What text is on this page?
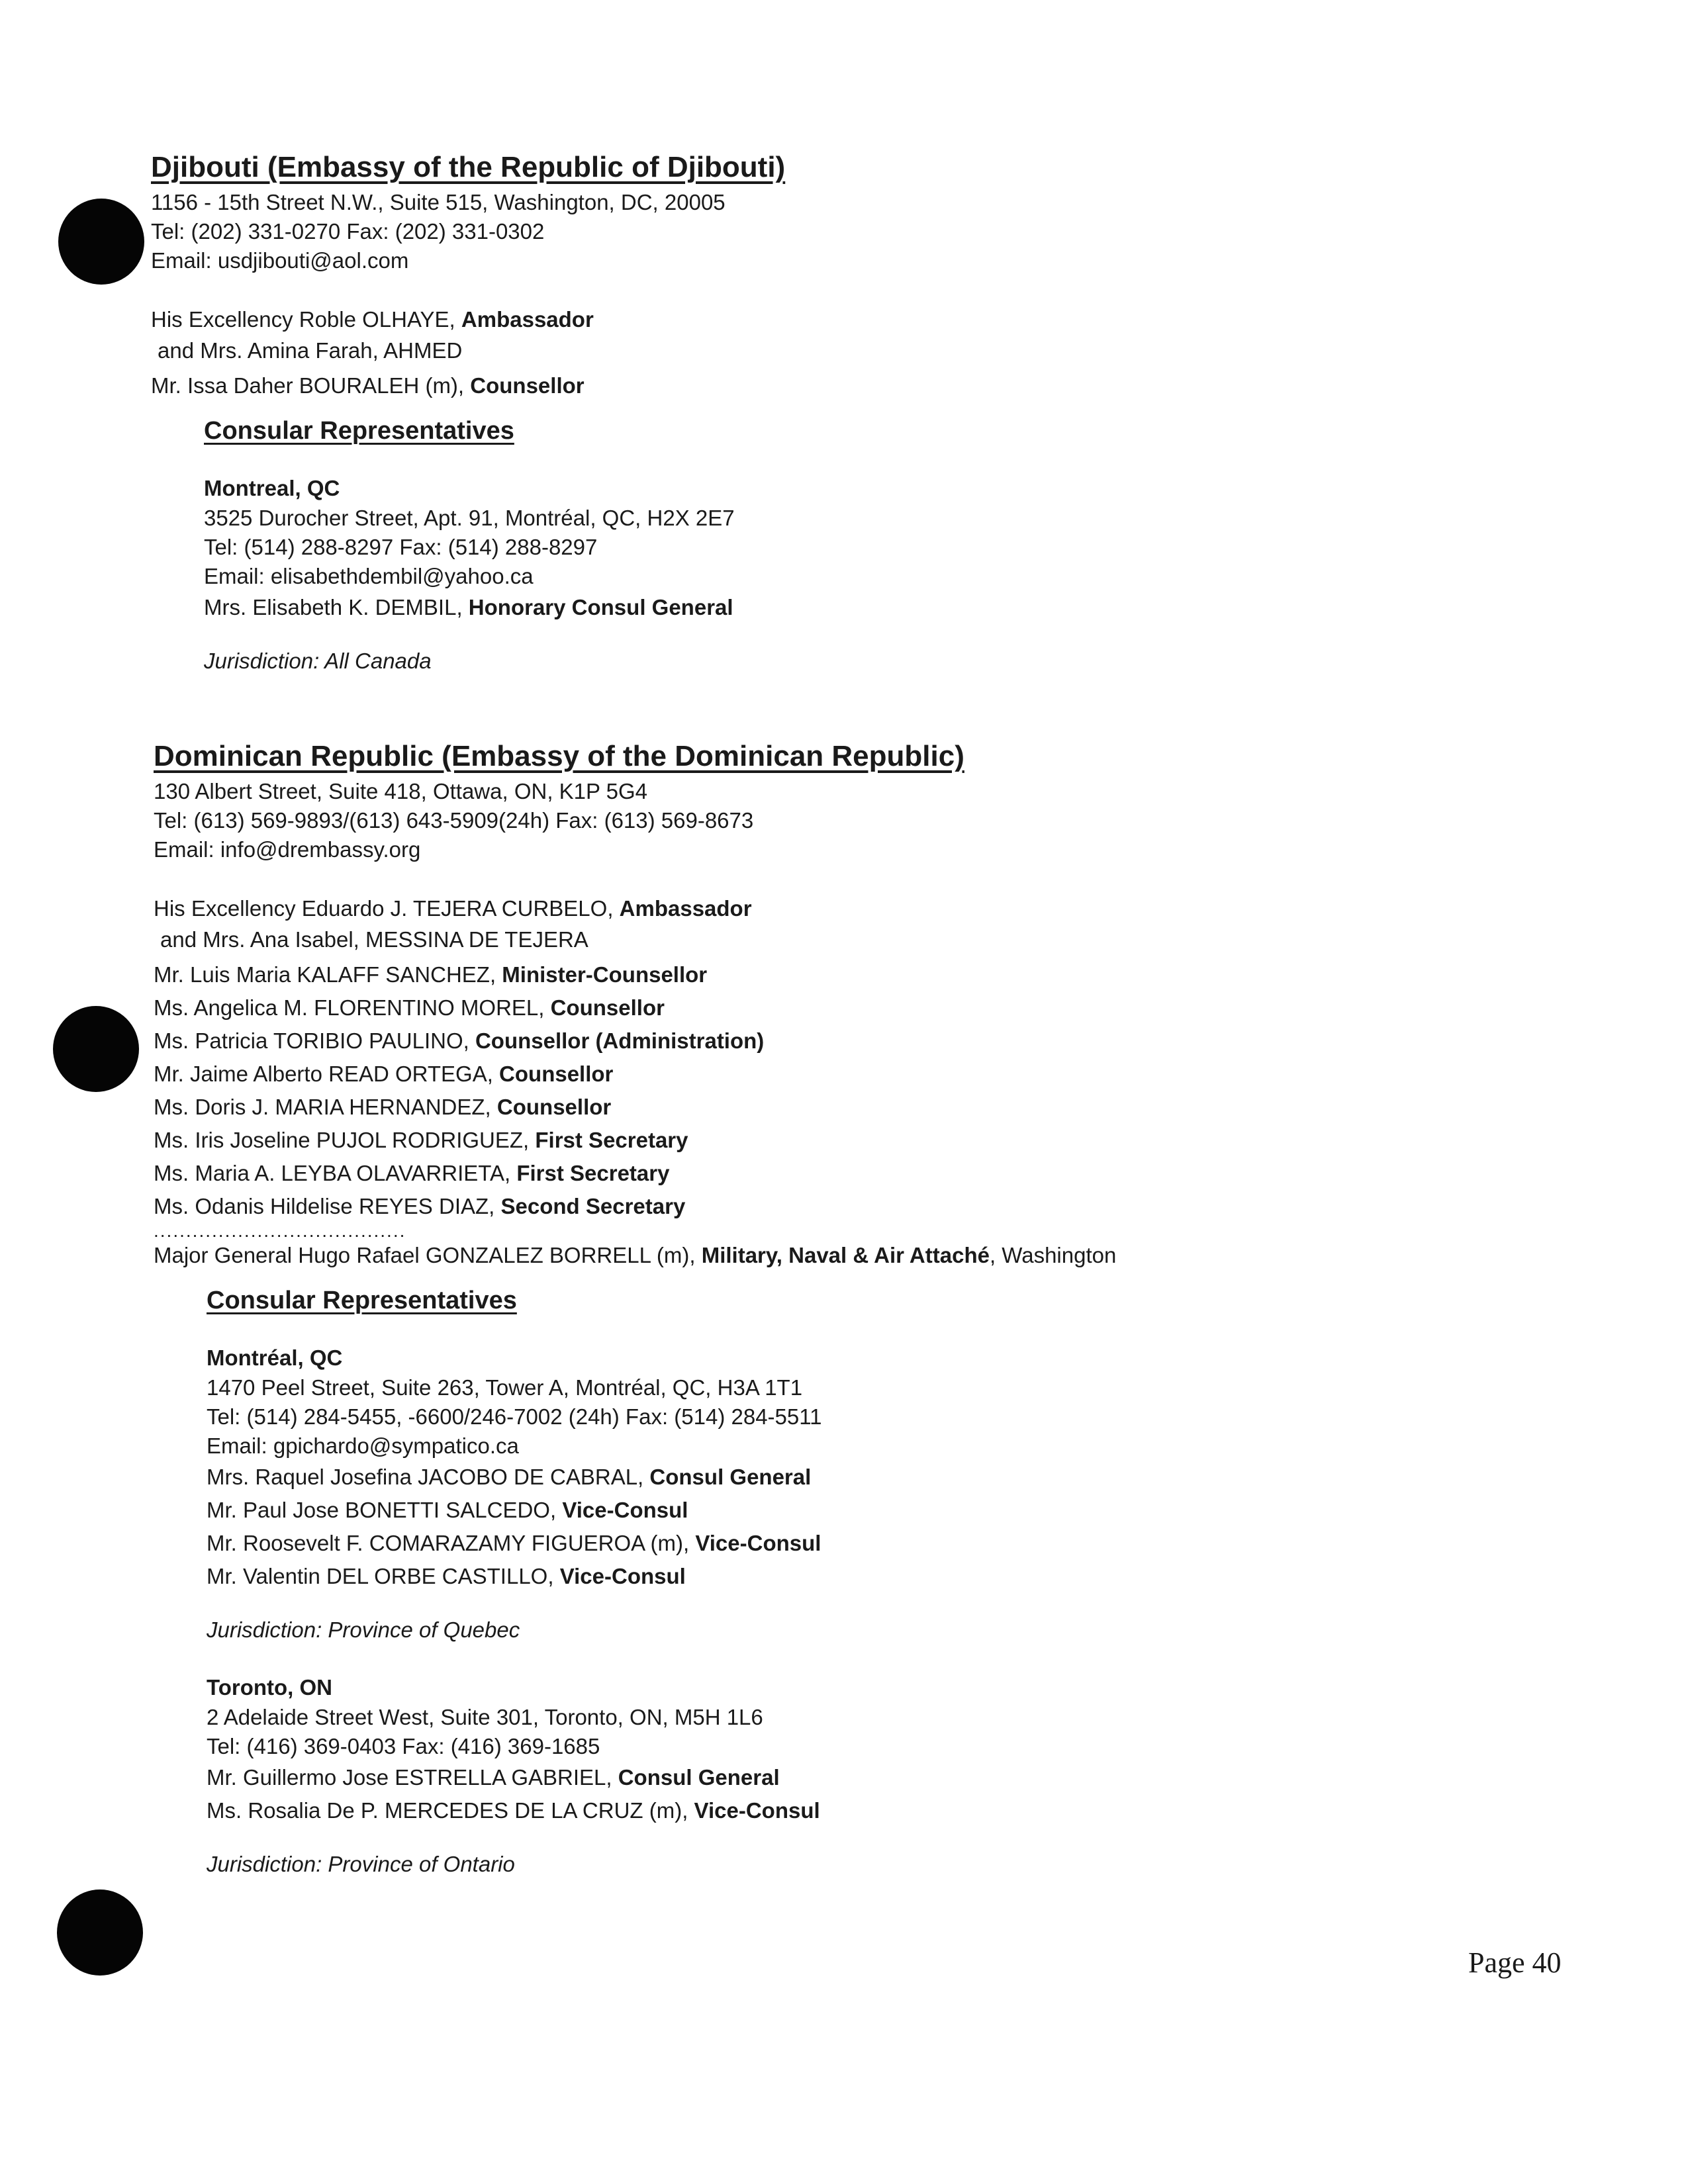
Djibouti (Embassy of the Republic of Djibouti)

1156 - 15th Street N.W., Suite 515, Washington, DC, 20005

Tel: (202) 331-0270 Fax: (202) 331-0302

Email: usdjibouti@aol.com

His Excellency Roble OLHAYE, Ambassador

and Mrs. Amina Farah, AHMED

Mr. Issa Daher BOURALEH (m), Counsellor

Consular Representatives

Montreal, QC

3525 Durocher Street, Apt. 91, Montréal, QC, H2X 2E7

Tel: (514) 288-8297 Fax: (514) 288-8297

Email: elisabethdembil@yahoo.ca

Mrs. Elisabeth K. DEMBIL, Honorary Consul General

Jurisdiction: All Canada

Dominican Republic (Embassy of the Dominican Republic)

130 Albert Street, Suite 418, Ottawa, ON, K1P 5G4

Tel: (613) 569-9893/(613) 643-5909(24h) Fax: (613) 569-8673

Email: info@drembassy.org

His Excellency Eduardo J. TEJERA CURBELO, Ambassador

and Mrs. Ana Isabel, MESSINA DE TEJERA

Mr. Luis Maria KALAFF SANCHEZ, Minister-Counsellor

Ms. Angelica M. FLORENTINO MOREL, Counsellor

Ms. Patricia TORIBIO PAULINO, Counsellor (Administration)

Mr. Jaime Alberto READ ORTEGA, Counsellor

Ms. Doris J. MARIA HERNANDEZ, Counsellor

Ms. Iris Joseline PUJOL RODRIGUEZ, First Secretary

Ms. Maria A. LEYBA OLAVARRIETA, First Secretary

Ms. Odanis Hildelise REYES DIAZ, Second Secretary

.......................................

Major General Hugo Rafael GONZALEZ BORRELL (m), Military, Naval & Air Attaché, Washington

Consular Representatives

Montréal, QC

1470 Peel Street, Suite 263, Tower A, Montréal, QC, H3A 1T1

Tel: (514) 284-5455, -6600/246-7002 (24h) Fax: (514) 284-5511

Email: gpichardo@sympatico.ca

Mrs. Raquel Josefina JACOBO DE CABRAL, Consul General

Mr. Paul Jose BONETTI SALCEDO, Vice-Consul

Mr. Roosevelt F. COMARAZAMY FIGUEROA (m), Vice-Consul

Mr. Valentin DEL ORBE CASTILLO, Vice-Consul

Jurisdiction: Province of Quebec

Toronto, ON

2 Adelaide Street West, Suite 301, Toronto, ON, M5H 1L6

Tel: (416) 369-0403 Fax: (416) 369-1685

Mr. Guillermo Jose ESTRELLA GABRIEL, Consul General

Ms. Rosalia De P. MERCEDES DE LA CRUZ (m), Vice-Consul

Jurisdiction: Province of Ontario

Page 40
